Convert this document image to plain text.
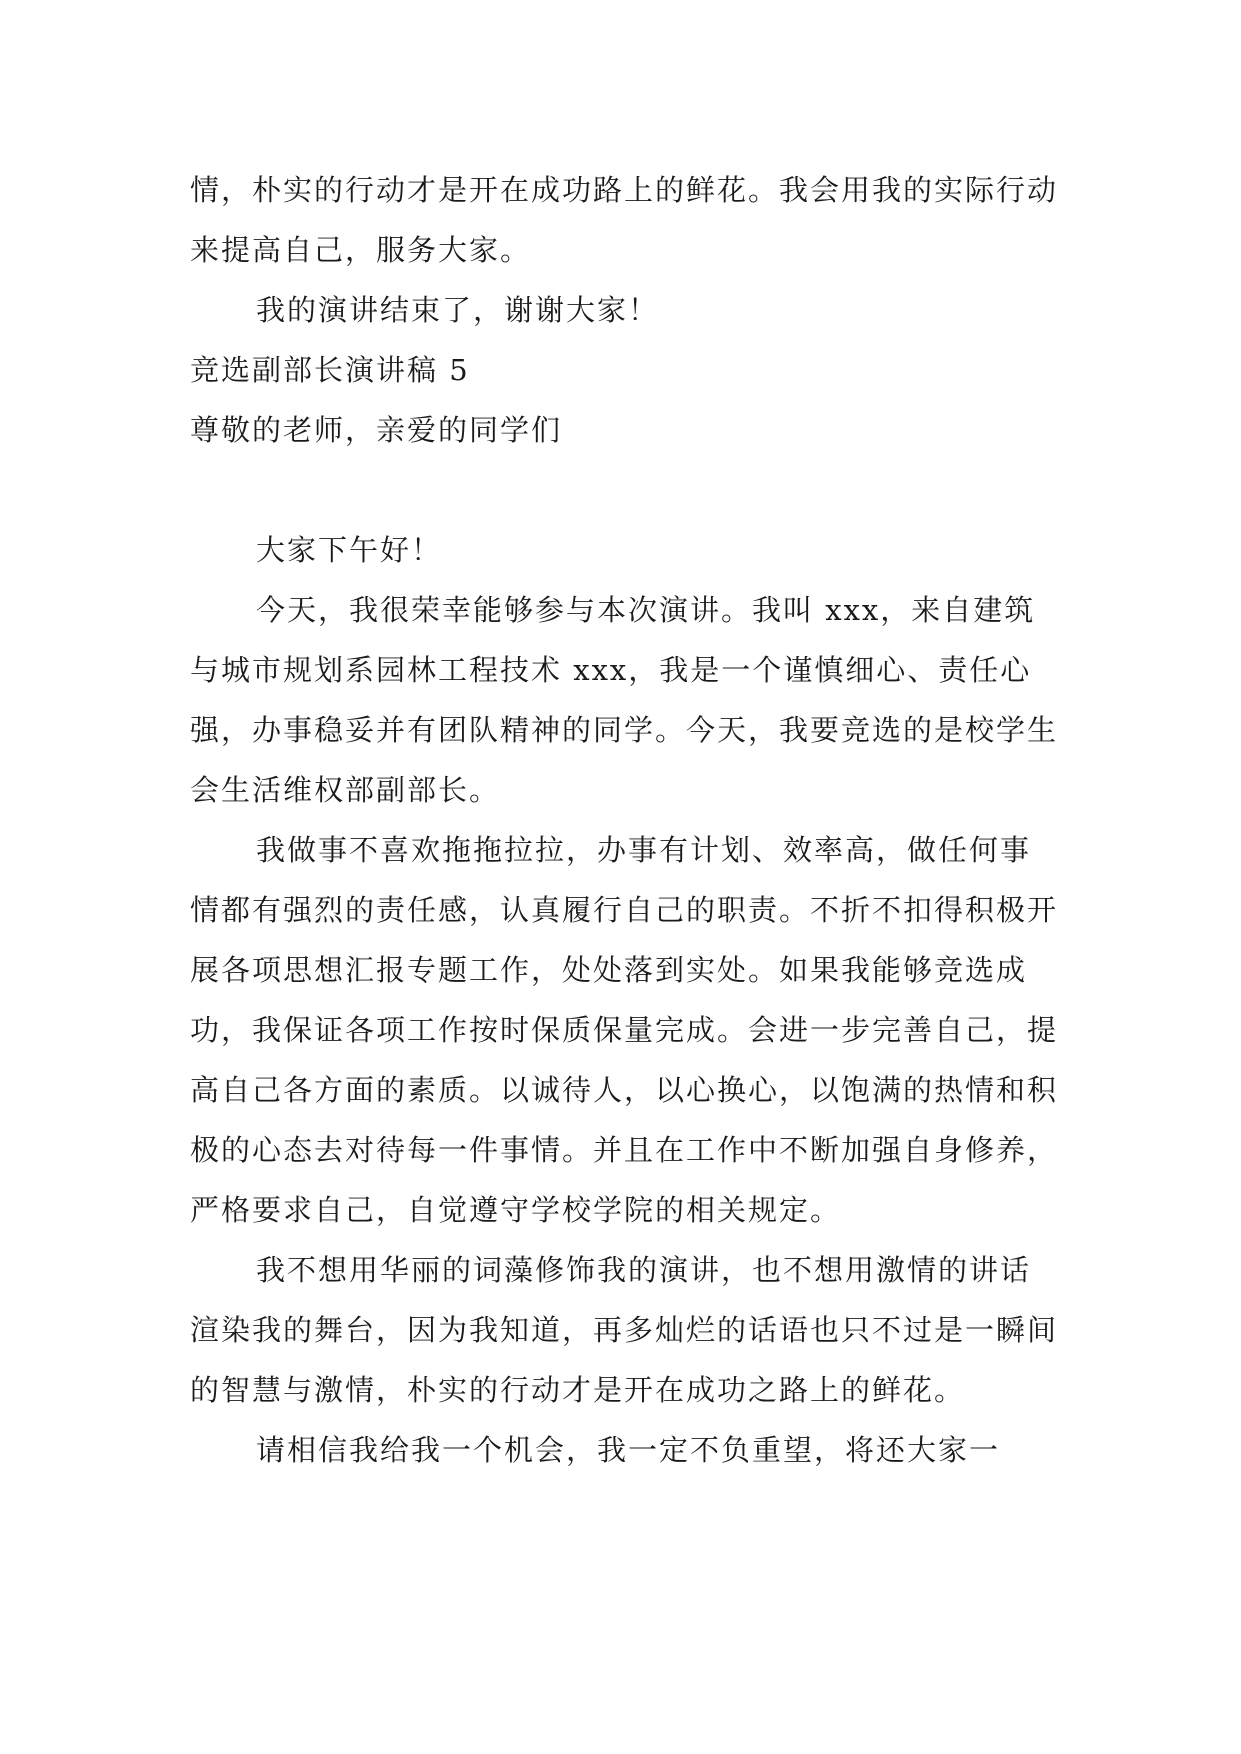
情，朴实的行动才是开在成功路上的鲜花。我会用我的实际行动来提高自己，服务大家。

我的演讲结束了，谢谢大家！

竞选副部长演讲稿 5

尊敬的老师，亲爱的同学们

大家下午好！

今天，我很荣幸能够参与本次演讲。我叫 xxx，来自建筑与城市规划系园林工程技术 xxx，我是一个谨慎细心、责任心强，办事稳妥并有团队精神的同学。今天，我要竞选的是校学生会生活维权部副部长。

我做事不喜欢拖拖拉拉，办事有计划、效率高，做任何事情都有强烈的责任感，认真履行自己的职责。不折不扣得积极开展各项思想汇报专题工作，处处落到实处。如果我能够竞选成功，我保证各项工作按时保质保量完成。会进一步完善自己，提高自己各方面的素质。以诚待人，以心换心，以饱满的热情和积极的心态去对待每一件事情。并且在工作中不断加强自身修养，严格要求自己，自觉遵守学校学院的相关规定。

我不想用华丽的词藻修饰我的演讲，也不想用激情的讲话渲染我的舞台，因为我知道，再多灿烂的话语也只不过是一瞬间的智慧与激情，朴实的行动才是开在成功之路上的鲜花。

请相信我给我一个机会，我一定不负重望，将还大家一
